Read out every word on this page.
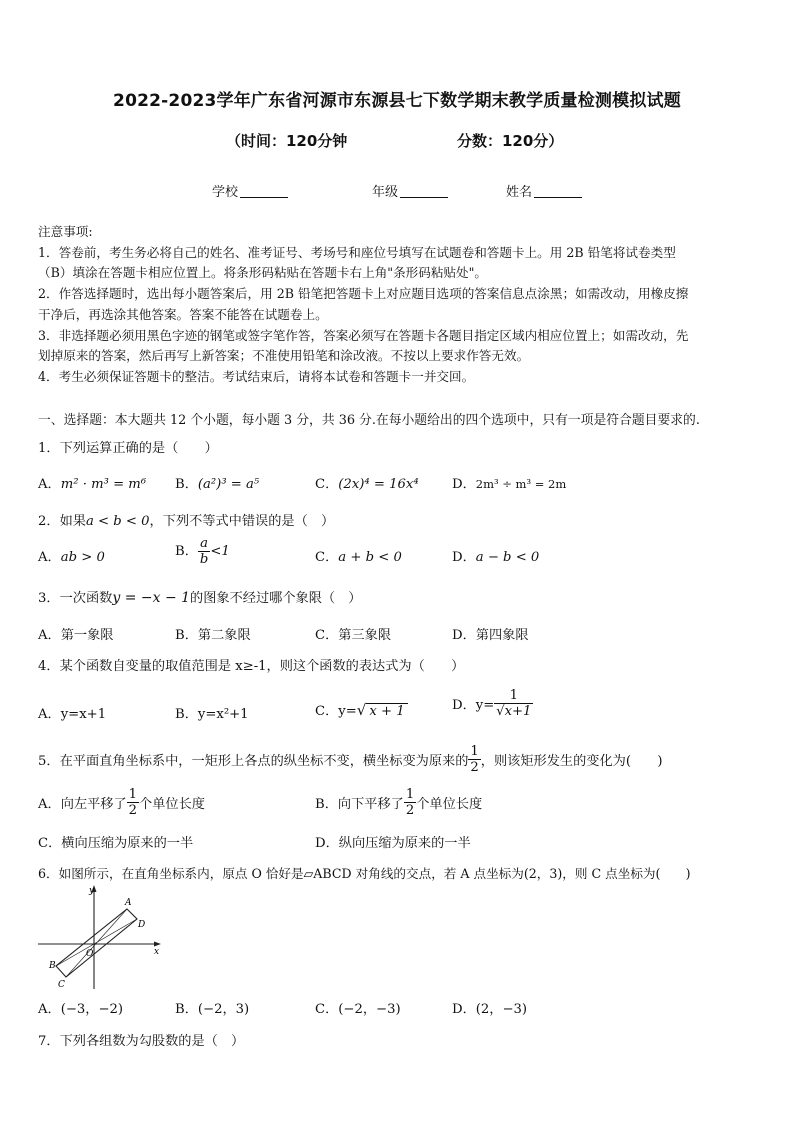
2022-2023学年广东省河源市东源县七下数学期末教学质量检测模拟试题
（时间：120分钟	分数：120分）
学校	年级	姓名
注意事项:
1．答卷前，考生务必将自己的姓名、准考证号、考场号和座位号填写在试题卷和答题卡上。用 2B 铅笔将试卷类型
（B）填涂在答题卡相应位置上。将条形码粘贴在答题卡右上角"条形码粘贴处"。
2．作答选择题时，选出每小题答案后，用 2B 铅笔把答题卡上对应题目选项的答案信息点涂黑；如需改动，用橡皮擦
干净后，再选涂其他答案。答案不能答在试题卷上。
3．非选择题必须用黑色字迹的钢笔或签字笔作答，答案必须写在答题卡各题目指定区域内相应位置上；如需改动，先
划掉原来的答案，然后再写上新答案；不准使用铅笔和涂改液。不按以上要求作答无效。
4．考生必须保证答题卡的整洁。考试结束后，请将本试卷和答题卡一并交回。
一、选择题：本大题共 12 个小题，每小题 3 分，共 36 分.在每小题给出的四个选项中，只有一项是符合题目要求的.
1．下列运算正确的是（　　）
A．m² · m³ = m⁶ B．(a²)³ = a⁵	C．(2x)⁴ = 16x⁴	D．2m³ ÷ m³ = 2m
2．如果a < b < 0，下列不等式中错误的是（　）
A．ab > 0	B． $\frac{a}{b} <1$	C．a + b < 0	D．a − b < 0
3．一次函数y = −x − 1的图象不经过哪个象限（　）
A．第一象限	B．第二象限	C．第三象限	D．第四象限
4．某个函数自变量的取值范围是 x≥-1，则这个函数的表达式为（　　）
A．y=x+1	B．y=x²+1	C．y=√ x + 1	D．$y= \frac{1}{√x+1}$
5．在平面直角坐标系中，一矩形上各点的纵坐标不变，横坐标变为原来的 $\frac{1}{2}$ ，则该矩形发生的变化为(　　)
A．向左平移了 $\frac{1}{2}$ 个单位长度	B．向下平移了 $\frac{1}{2}$ 个单位长度
C．横向压缩为原来的一半	D．纵向压缩为原来的一半
6．如图所示，在直角坐标系内，原点 O 恰好是▱ABCD 对角线的交点，若 A 点坐标为(2，3)，则 C 点坐标为(　　)
y
x
O
A
D
B
C
A．(−3，−2)	B．(−2，3)	C．(−2，−3)	D．(2，−3)
7．下列各组数为勾股数的是（　）
